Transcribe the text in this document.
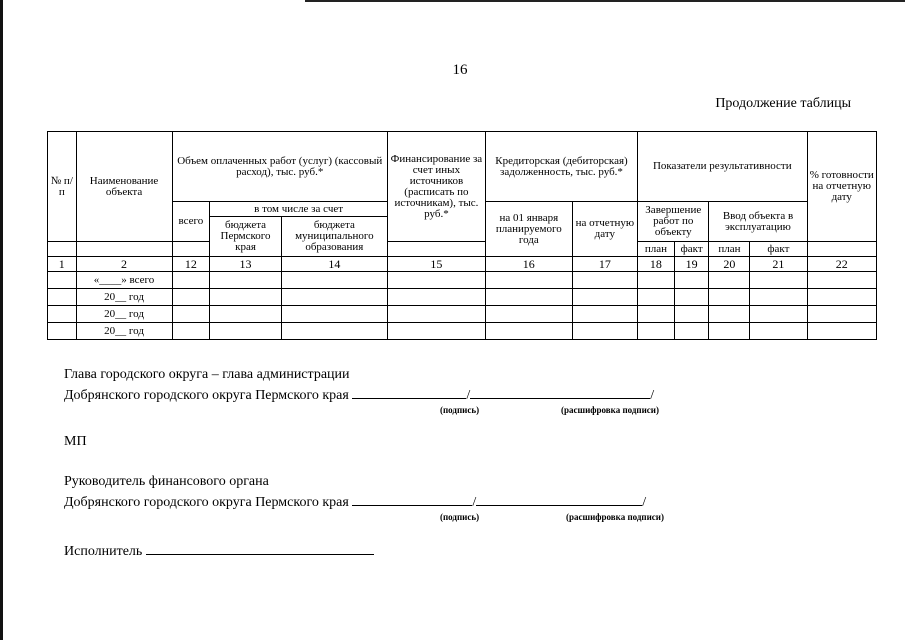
16
Продолжение таблицы
№ п/п	Наименование объекта	Объем оплаченных работ (услуг) (кассовый расход), тыс. руб.*			Финансирование за счет иных источников (расписать по источникам), тыс. руб.*	Кредиторская (дебиторская) задолженность, тыс. руб.*		Показатели результативности				% готовности на отчетную дату
		всего	в том числе за счет			на 01 января планируемого года	на отчетную дату	Завершение работ по объекту		Ввод объекта в эксплуатацию		
			бюджета Пермского края	бюджета муниципального образования								
								план	факт	план	факт	
1	2	12	13	14	15	16	17	18	19	20	21	22
	«____» всего											
	20__ год											
	20__ год											
	20__ год											
Глава городского округа – глава администрации
Добрянского городского округа Пермского края	/	/
(подпись)	(расшифровка подписи)
МП
Руководитель финансового органа
Добрянского городского округа Пермского края	/	/
(подпись)	(расшифровка подписи)
Исполнитель
